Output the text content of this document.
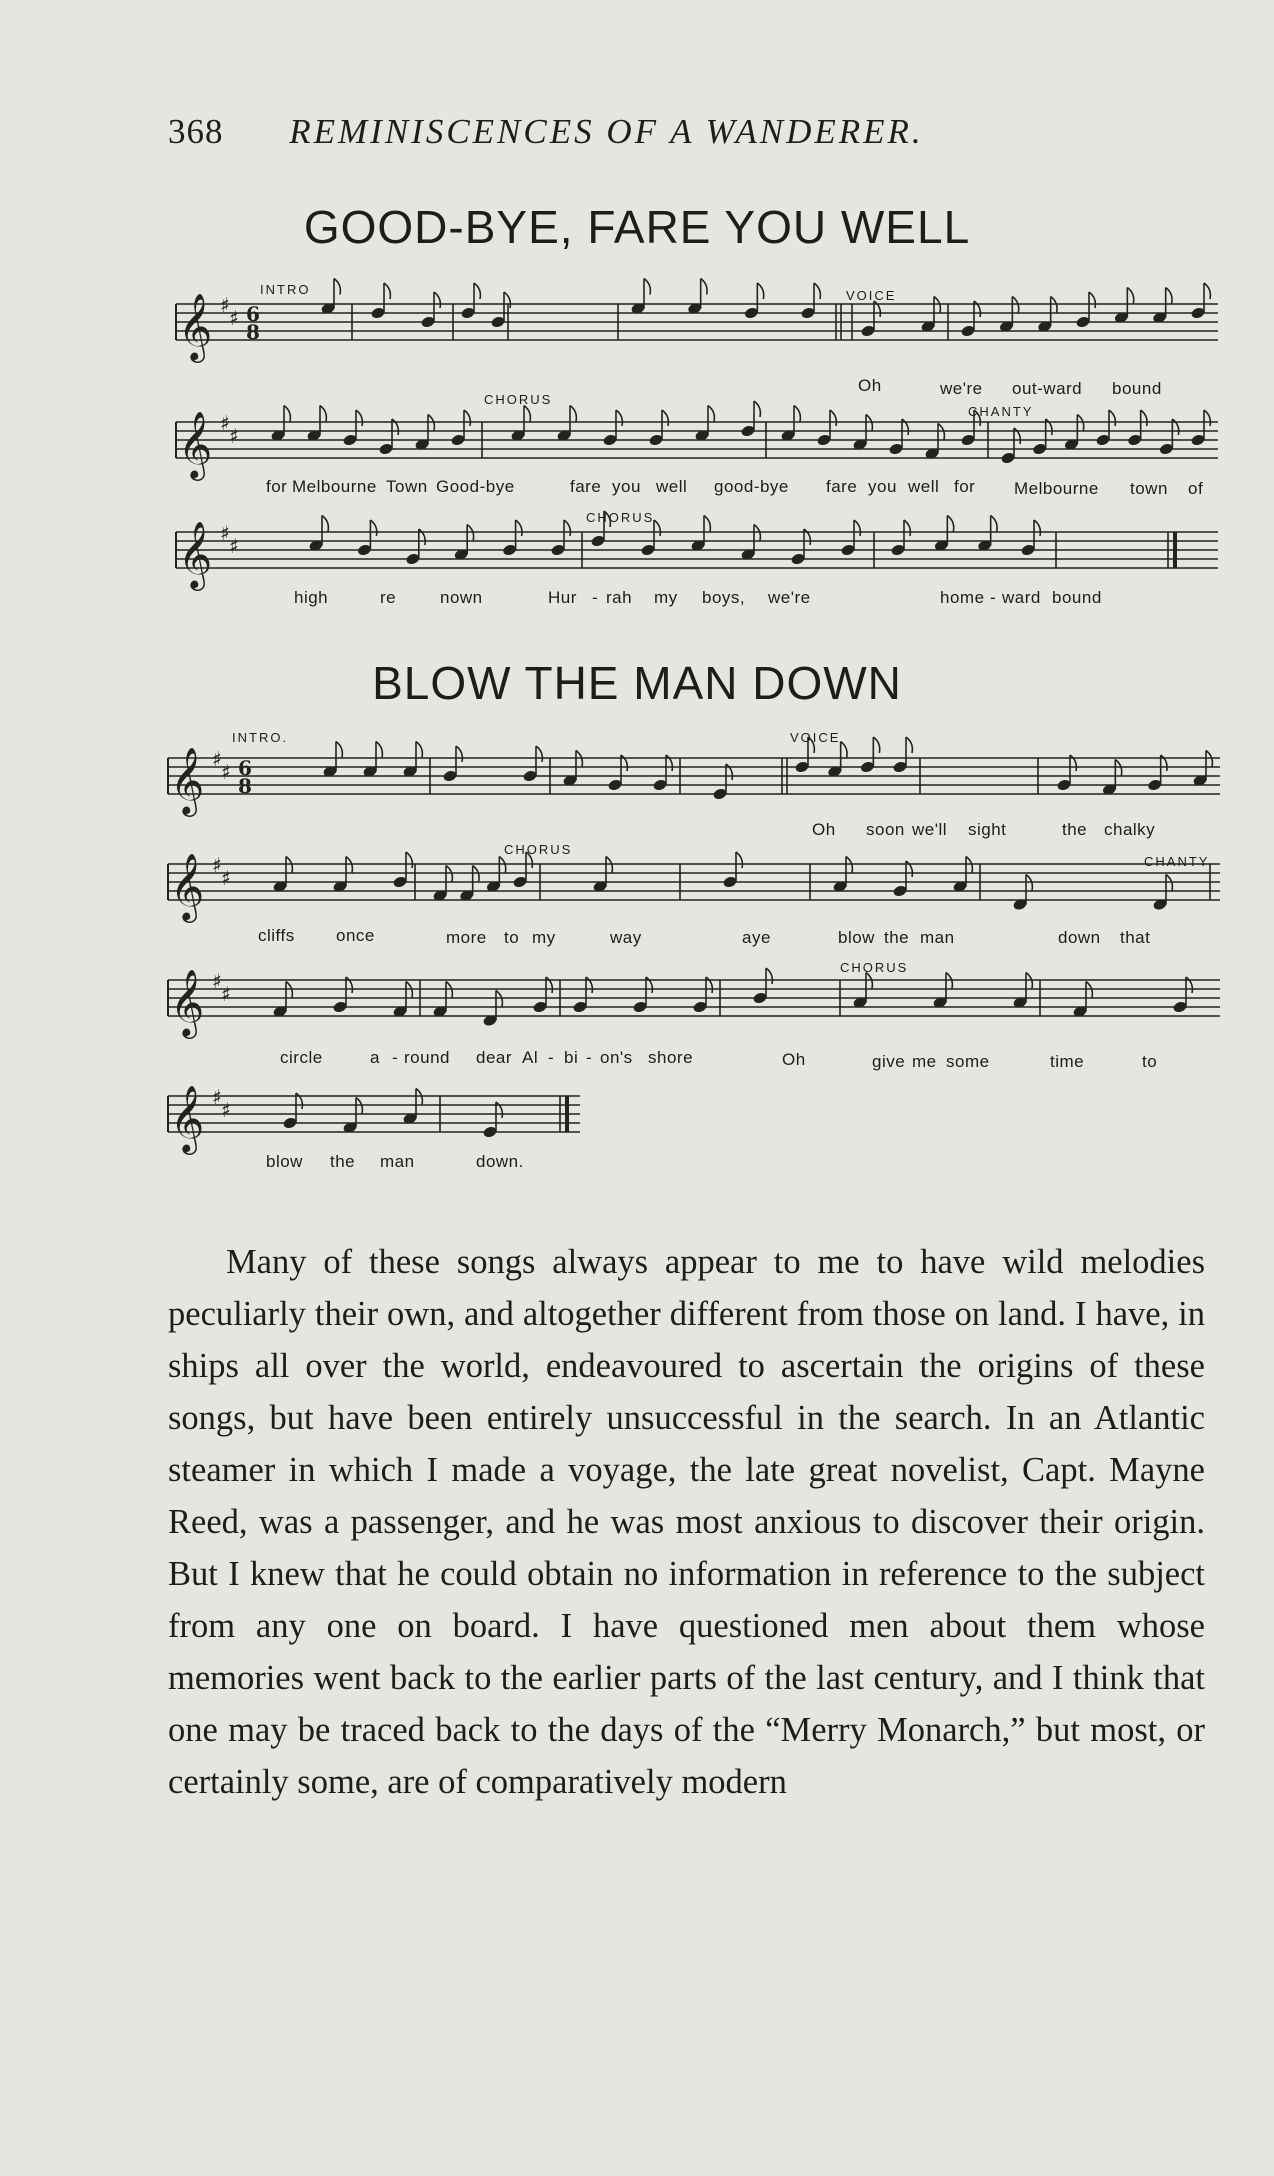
368 REMINISCENCES OF A WANDERER.
GOOD-BYE, FARE YOU WELL
𝄞 ♯
♯ 6
8
INTRO	VOICE
Oh	we're out-ward bound
𝄞 ♯
♯
CHORUS
CHANTY
for Melbourne Town Good-bye	fare you well good-bye fare you well for Melbourne town of
𝄞 ♯
♯
CHORUS
high	re	nown	Hur - rah my boys, we're	home - ward bound
BLOW THE MAN DOWN
𝄞 ♯
♯ 6
8
INTRO.	VOICE
Oh soon we'll sight	the chalky
𝄞 ♯
♯
CHORUS
CHANTY
cliffs once	more to my	way	aye	blow the man	down that
𝄞 ♯
♯
CHORUS
circle	a - round dear Al - bi - on's shore	Oh	give me some	time	to
𝄞 ♯
♯
blow the man	down.

Many of these songs always appear to me to have wild melodies peculiarly their own, and altogether different from those on land. I have, in ships all over the world, endeavoured to ascertain the origins of these songs, but have been entirely unsuccessful in the search. In an Atlantic steamer in which I made a voyage, the late great novelist, Capt. Mayne Reed, was a passenger, and he was most anxious to discover their origin. But I knew that he could obtain no information in reference to the subject from any one on board. I have questioned men about them whose memories went back to the earlier parts of the last century, and I think that one may be traced back to the days of the “Merry Monarch,” but most, or certainly some, are of comparatively modern
